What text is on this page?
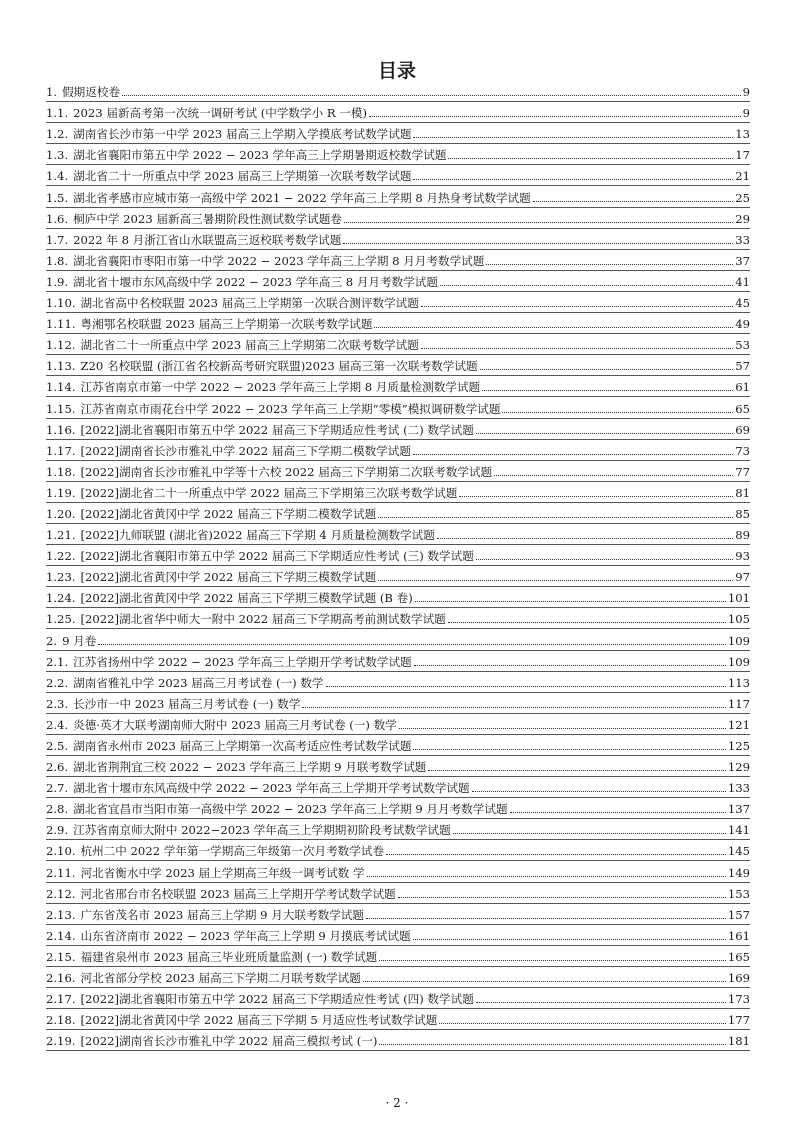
目录
1. 假期返校卷	9
1.1. 2023 届新高考第一次统一调研考试 (中学数学小 R 一模)	9
1.2. 湖南省长沙市第一中学 2023 届高三上学期入学摸底考试数学试题	13
1.3. 湖北省襄阳市第五中学 2022 − 2023 学年高三上学期暑期返校数学试题	17
1.4. 湖北省二十一所重点中学 2023 届高三上学期第一次联考数学试题	21
1.5. 湖北省孝感市应城市第一高级中学 2021 − 2022 学年高三上学期 8 月热身考试数学试题	25
1.6. 桐庐中学 2023 届新高三暑期阶段性测试数学试题卷	29
1.7. 2022 年 8 月浙江省山水联盟高三返校联考数学试题	33
1.8. 湖北省襄阳市枣阳市第一中学 2022 − 2023 学年高三上学期 8 月月考数学试题	37
1.9. 湖北省十堰市东风高级中学 2022 − 2023 学年高三 8 月月考数学试题	41
1.10. 湖北省高中名校联盟 2023 届高三上学期第一次联合测评数学试题	45
1.11. 粤湘鄂名校联盟 2023 届高三上学期第一次联考数学试题	49
1.12. 湖北省二十一所重点中学 2023 届高三上学期第二次联考数学试题	53
1.13. Z20 名校联盟 (浙江省名校新高考研究联盟)2023 届高三第一次联考数学试题	57
1.14. 江苏省南京市第一中学 2022 − 2023 学年高三上学期 8 月质量检测数学试题	61
1.15. 江苏省南京市雨花台中学 2022 − 2023 学年高三上学期“零模”模拟调研数学试题	65
1.16. [2022]湖北省襄阳市第五中学 2022 届高三下学期适应性考试 (二) 数学试题	69
1.17. [2022]湖南省长沙市雅礼中学 2022 届高三下学期二模数学试题	73
1.18. [2022]湖南省长沙市雅礼中学等十六校 2022 届高三下学期第二次联考数学试题	77
1.19. [2022]湖北省二十一所重点中学 2022 届高三下学期第三次联考数学试题	81
1.20. [2022]湖北省黄冈中学 2022 届高三下学期二模数学试题	85
1.21. [2022]九师联盟 (湖北省)2022 届高三下学期 4 月质量检测数学试题	89
1.22. [2022]湖北省襄阳市第五中学 2022 届高三下学期适应性考试 (三) 数学试题	93
1.23. [2022]湖北省黄冈中学 2022 届高三下学期三模数学试题	97
1.24. [2022]湖北省黄冈中学 2022 届高三下学期三模数学试题 (B 卷)	101
1.25. [2022]湖北省华中师大一附中 2022 届高三下学期高考前测试数学试题	105
2. 9 月卷	109
2.1. 江苏省扬州中学 2022 − 2023 学年高三上学期开学考试数学试题	109
2.2. 湖南省雅礼中学 2023 届高三月考试卷 (一) 数学	113
2.3. 长沙市一中 2023 届高三月考试卷 (一) 数学	117
2.4. 炎德·英才大联考湖南师大附中 2023 届高三月考试卷 (一) 数学	121
2.5. 湖南省永州市 2023 届高三上学期第一次高考适应性考试数学试题	125
2.6. 湖北省荆荆宜三校 2022 − 2023 学年高三上学期 9 月联考数学试题	129
2.7. 湖北省十堰市东风高级中学 2022 − 2023 学年高三上学期开学考试数学试题	133
2.8. 湖北省宜昌市当阳市第一高级中学 2022 − 2023 学年高三上学期 9 月月考数学试题	137
2.9. 江苏省南京师大附中 2022−2023 学年高三上学期期初阶段考试数学试题	141
2.10. 杭州二中 2022 学年第一学期高三年级第一次月考数学试卷	145
2.11. 河北省衡水中学 2023 届上学期高三年级一调考试数 学	149
2.12. 河北省邢台市名校联盟 2023 届高三上学期开学考试数学试题	153
2.13. 广东省茂名市 2023 届高三上学期 9 月大联考数学试题	157
2.14. 山东省济南市 2022 − 2023 学年高三上学期 9 月摸底考试试题	161
2.15. 福建省泉州市 2023 届高三毕业班质量监测 (一) 数学试题	165
2.16. 河北省部分学校 2023 届高三下学期二月联考数学试题	169
2.17. [2022]湖北省襄阳市第五中学 2022 届高三下学期适应性考试 (四) 数学试题	173
2.18. [2022]湖北省黄冈中学 2022 届高三下学期 5 月适应性考试数学试题	177
2.19. [2022]湖南省长沙市雅礼中学 2022 届高三模拟考试 (一)	181
· 2 ·
